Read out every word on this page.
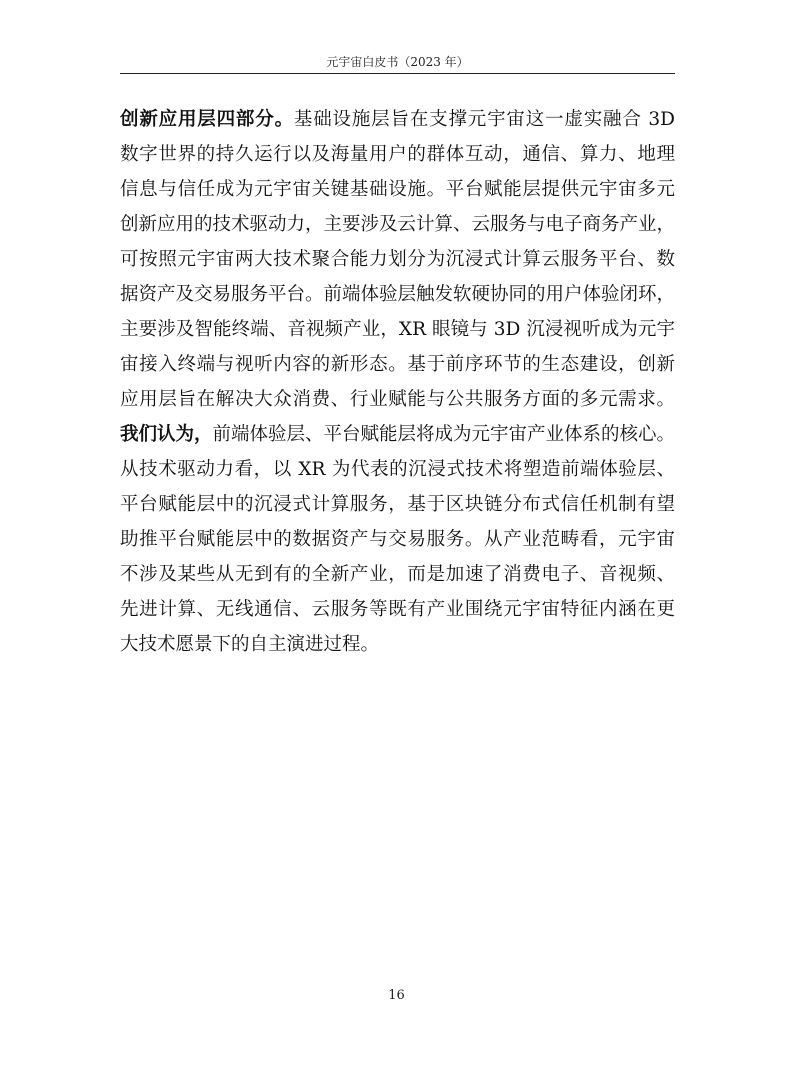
元宇宙白皮书（2023 年）
创新应用层四部分。基础设施层旨在支撑元宇宙这一虚实融合 3D
数字世界的持久运行以及海量用户的群体互动，通信、算力、地理
信息与信任成为元宇宙关键基础设施。平台赋能层提供元宇宙多元
创新应用的技术驱动力，主要涉及云计算、云服务与电子商务产业，
可按照元宇宙两大技术聚合能力划分为沉浸式计算云服务平台、数
据资产及交易服务平台。前端体验层触发软硬协同的用户体验闭环，
主要涉及智能终端、音视频产业，XR 眼镜与 3D 沉浸视听成为元宇
宙接入终端与视听内容的新形态。基于前序环节的生态建设，创新
应用层旨在解决大众消费、行业赋能与公共服务方面的多元需求。
我们认为，前端体验层、平台赋能层将成为元宇宙产业体系的核心。
从技术驱动力看，以 XR 为代表的沉浸式技术将塑造前端体验层、
平台赋能层中的沉浸式计算服务，基于区块链分布式信任机制有望
助推平台赋能层中的数据资产与交易服务。从产业范畴看，元宇宙
不涉及某些从无到有的全新产业，而是加速了消费电子、音视频、
先进计算、无线通信、云服务等既有产业围绕元宇宙特征内涵在更
大技术愿景下的自主演进过程。
16
